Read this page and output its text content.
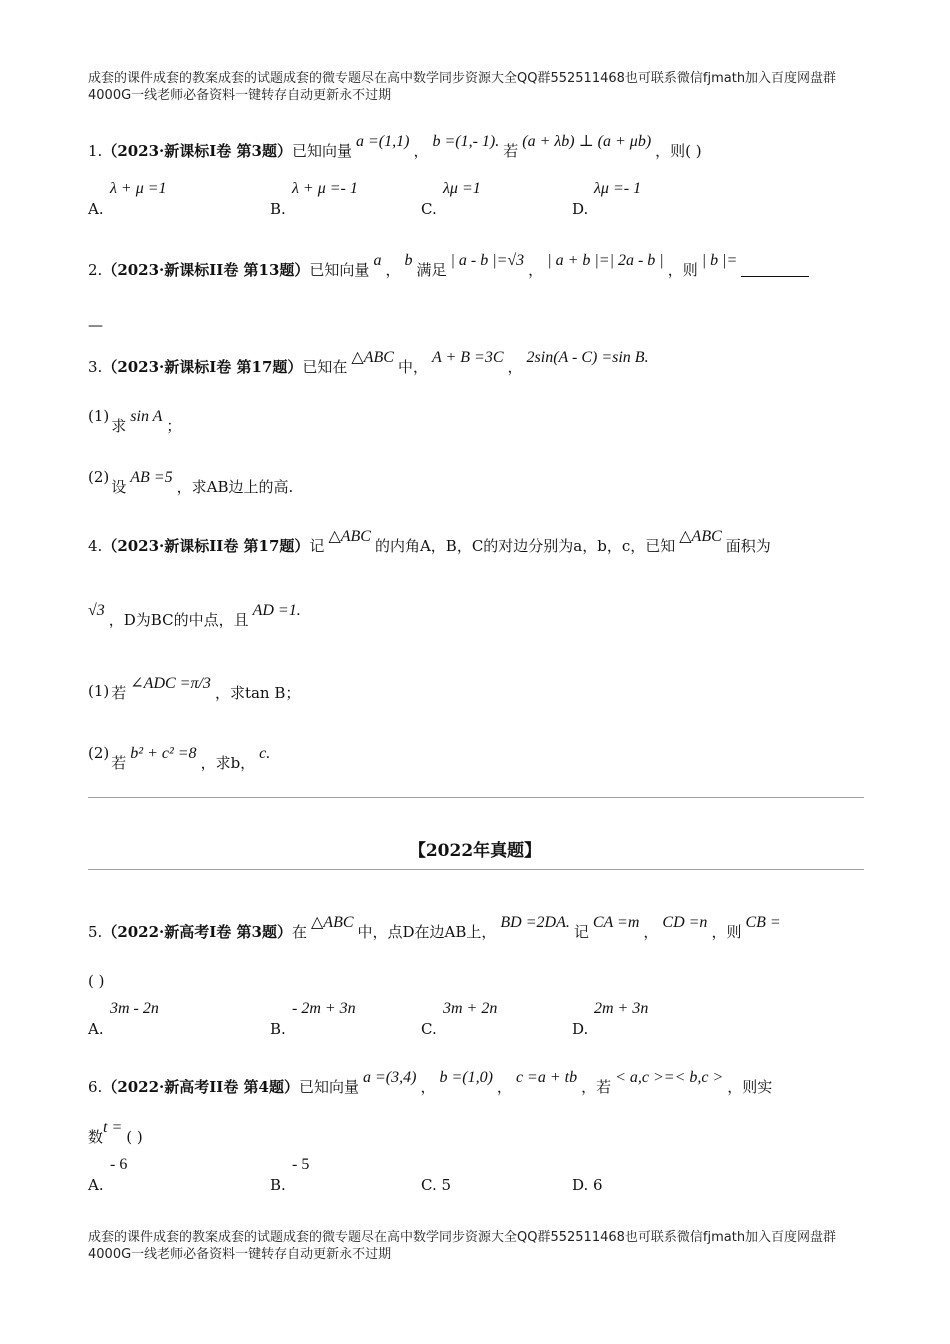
成套的课件成套的教案成套的试题成套的微专题尽在高中数学同步资源大全QQ群552511468也可联系微信fjmath加入百度网盘群4000G一线老师必备资料一键转存自动更新永不过期
1.（2023·新课标I卷 第3题）已知向量a =(1,1)，b =(1,- 1).若(a + λb) ⊥ (a + μb)，则( )
A.
λ + μ =1
B.
λ + μ =- 1
C.
λμ =1
D.
λμ =- 1
2.（2023·新课标II卷 第13题）已知向量a，b满足| a - b |=√3，| a + b |=| 2a - b |，则| b |=
—
3.（2023·新课标I卷 第17题）已知在△ABC中，A + B =3C，2sin(A - C) =sin B.
(1)求sin A；
(2)设AB =5，求AB边上的高.
4.（2023·新课标II卷 第17题）记△ABC的内角A，B，C的对边分别为a，b，c，已知△ABC面积为
√3，D为BC的中点，且AD =1.
(1) 若∠ADC =π/3，求tan B；
(2)若b² + c² =8，求b，c.
【2022年真题】
5.（2022·新高考I卷 第3题）在△ABC中，点D在边AB上，BD =2DA.记CA =m，CD =n，则CB =
( )
A.
3m - 2n
B.
- 2m + 3n
C.
3m + 2n
D.
2m + 3n
6.（2022·新高考II卷 第4题）已知向量a =(3,4)，b =(1,0)，c =a + tb，若< a,c >=< b,c >，则实
数t =( )
A.
- 6
B.
- 5
C. 5	D. 6
成套的课件成套的教案成套的试题成套的微专题尽在高中数学同步资源大全QQ群552511468也可联系微信fjmath加入百度网盘群4000G一线老师必备资料一键转存自动更新永不过期
